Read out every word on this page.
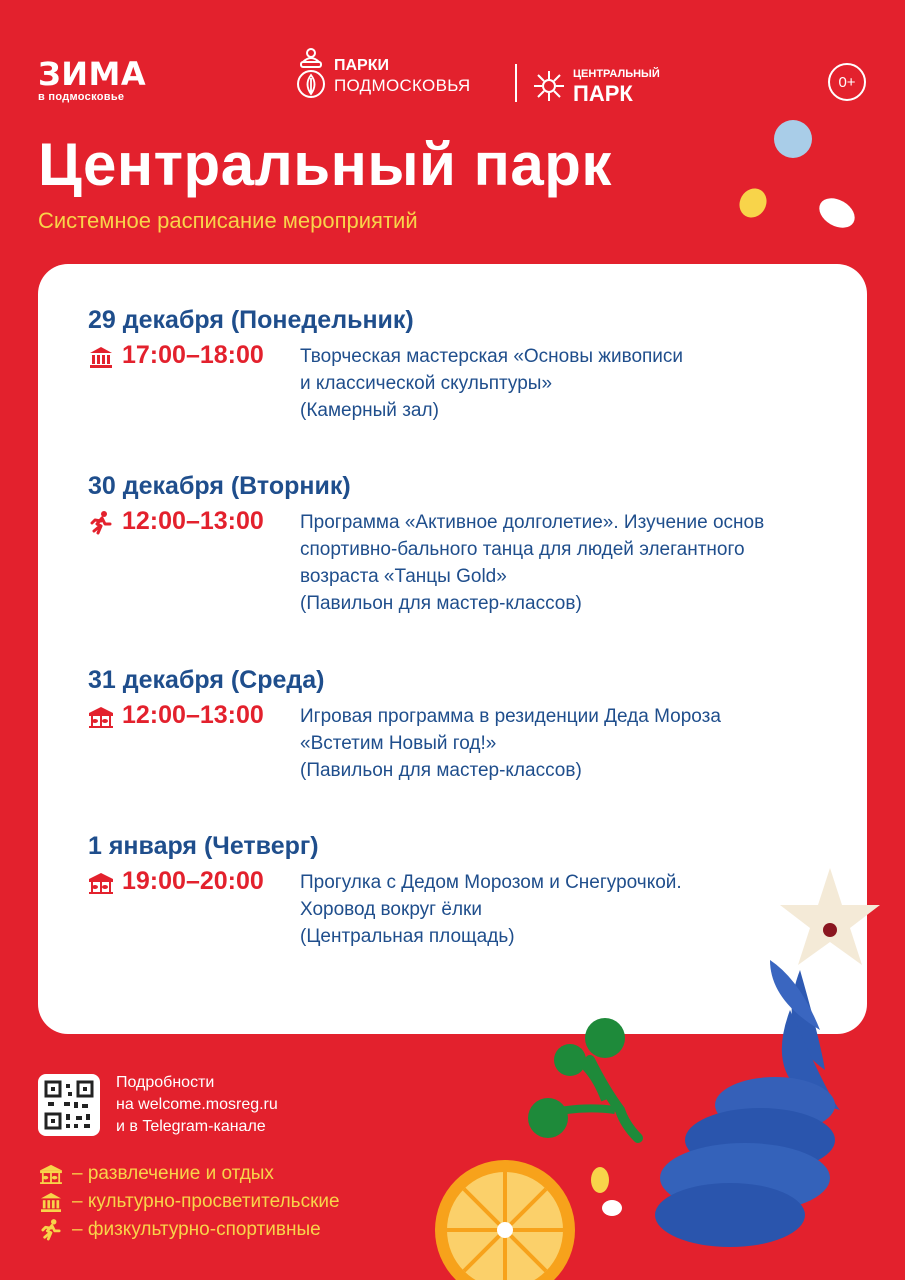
ЗИМА
в подмосковье
ПАРКИ
ПОДМОСКОВЬЯ
ЦЕНТРАЛЬНЫЙ
ПАРК	0+
Центральный парк
Системное расписание мероприятий
29 декабря (Понедельник)
17:00–18:00	Творческая мастерская «Основы живописи
и классической скульптуры»
(Камерный зал)
30 декабря (Вторник)
12:00–13:00	Программа «Активное долголетие». Изучение основ
спортивно-бального танца для людей элегантного
возраста «Танцы Gold»
(Павильон для мастер-классов)
31 декабря (Среда)
12:00–13:00	Игровая программа в резиденции Деда Мороза
«Встетим Новый год!»
(Павильон для мастер-классов)
1 января (Четверг)
19:00–20:00	Прогулка с Дедом Морозом и Снегурочкой.
Хоровод вокруг ёлки
(Центральная площадь)
Подробности
на welcome.mosreg.ru
и в Telegram-канале
– развлечение и отдых
– культурно-просветительские
– физкультурно-спортивные
